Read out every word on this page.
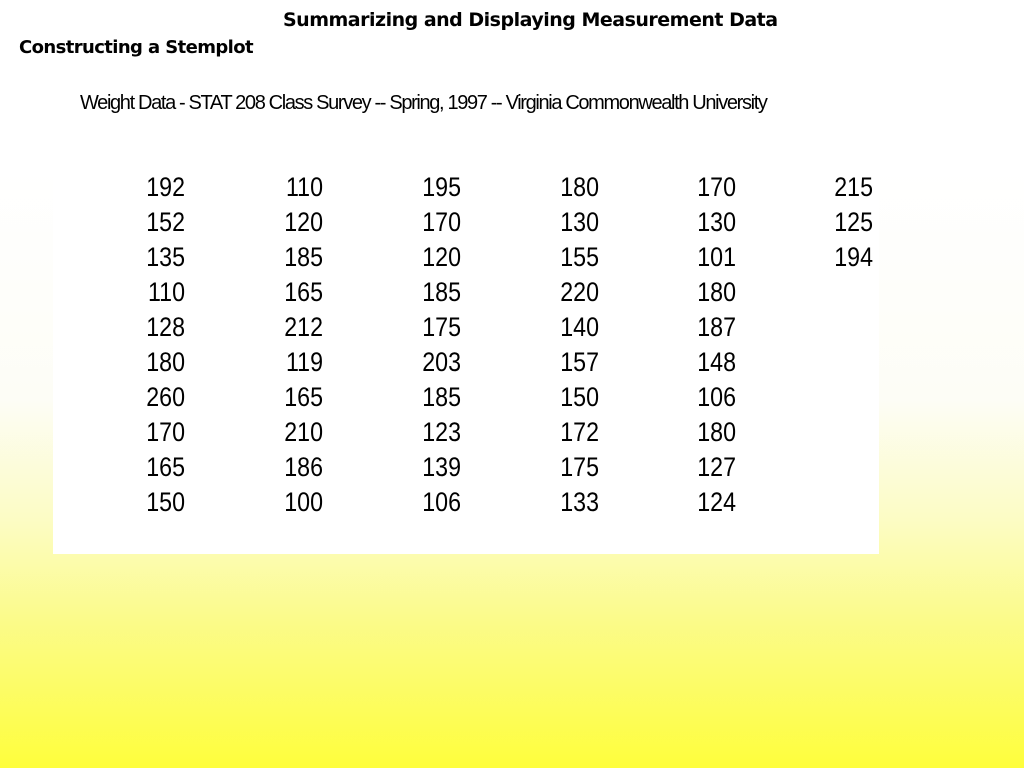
Summarizing and Displaying Measurement Data
Constructing a Stemplot
Weight Data - STAT 208 Class Survey -- Spring, 1997 -- Virginia Commonwealth University
192
152
135
110
128
180
260
170
165
150
110
120
185
165
212
119
165
210
186
100
195
170
120
185
175
203
185
123
139
106
180
130
155
220
140
157
150
172
175
133
170
130
101
180
187
148
106
180
127
124
215
125
194
